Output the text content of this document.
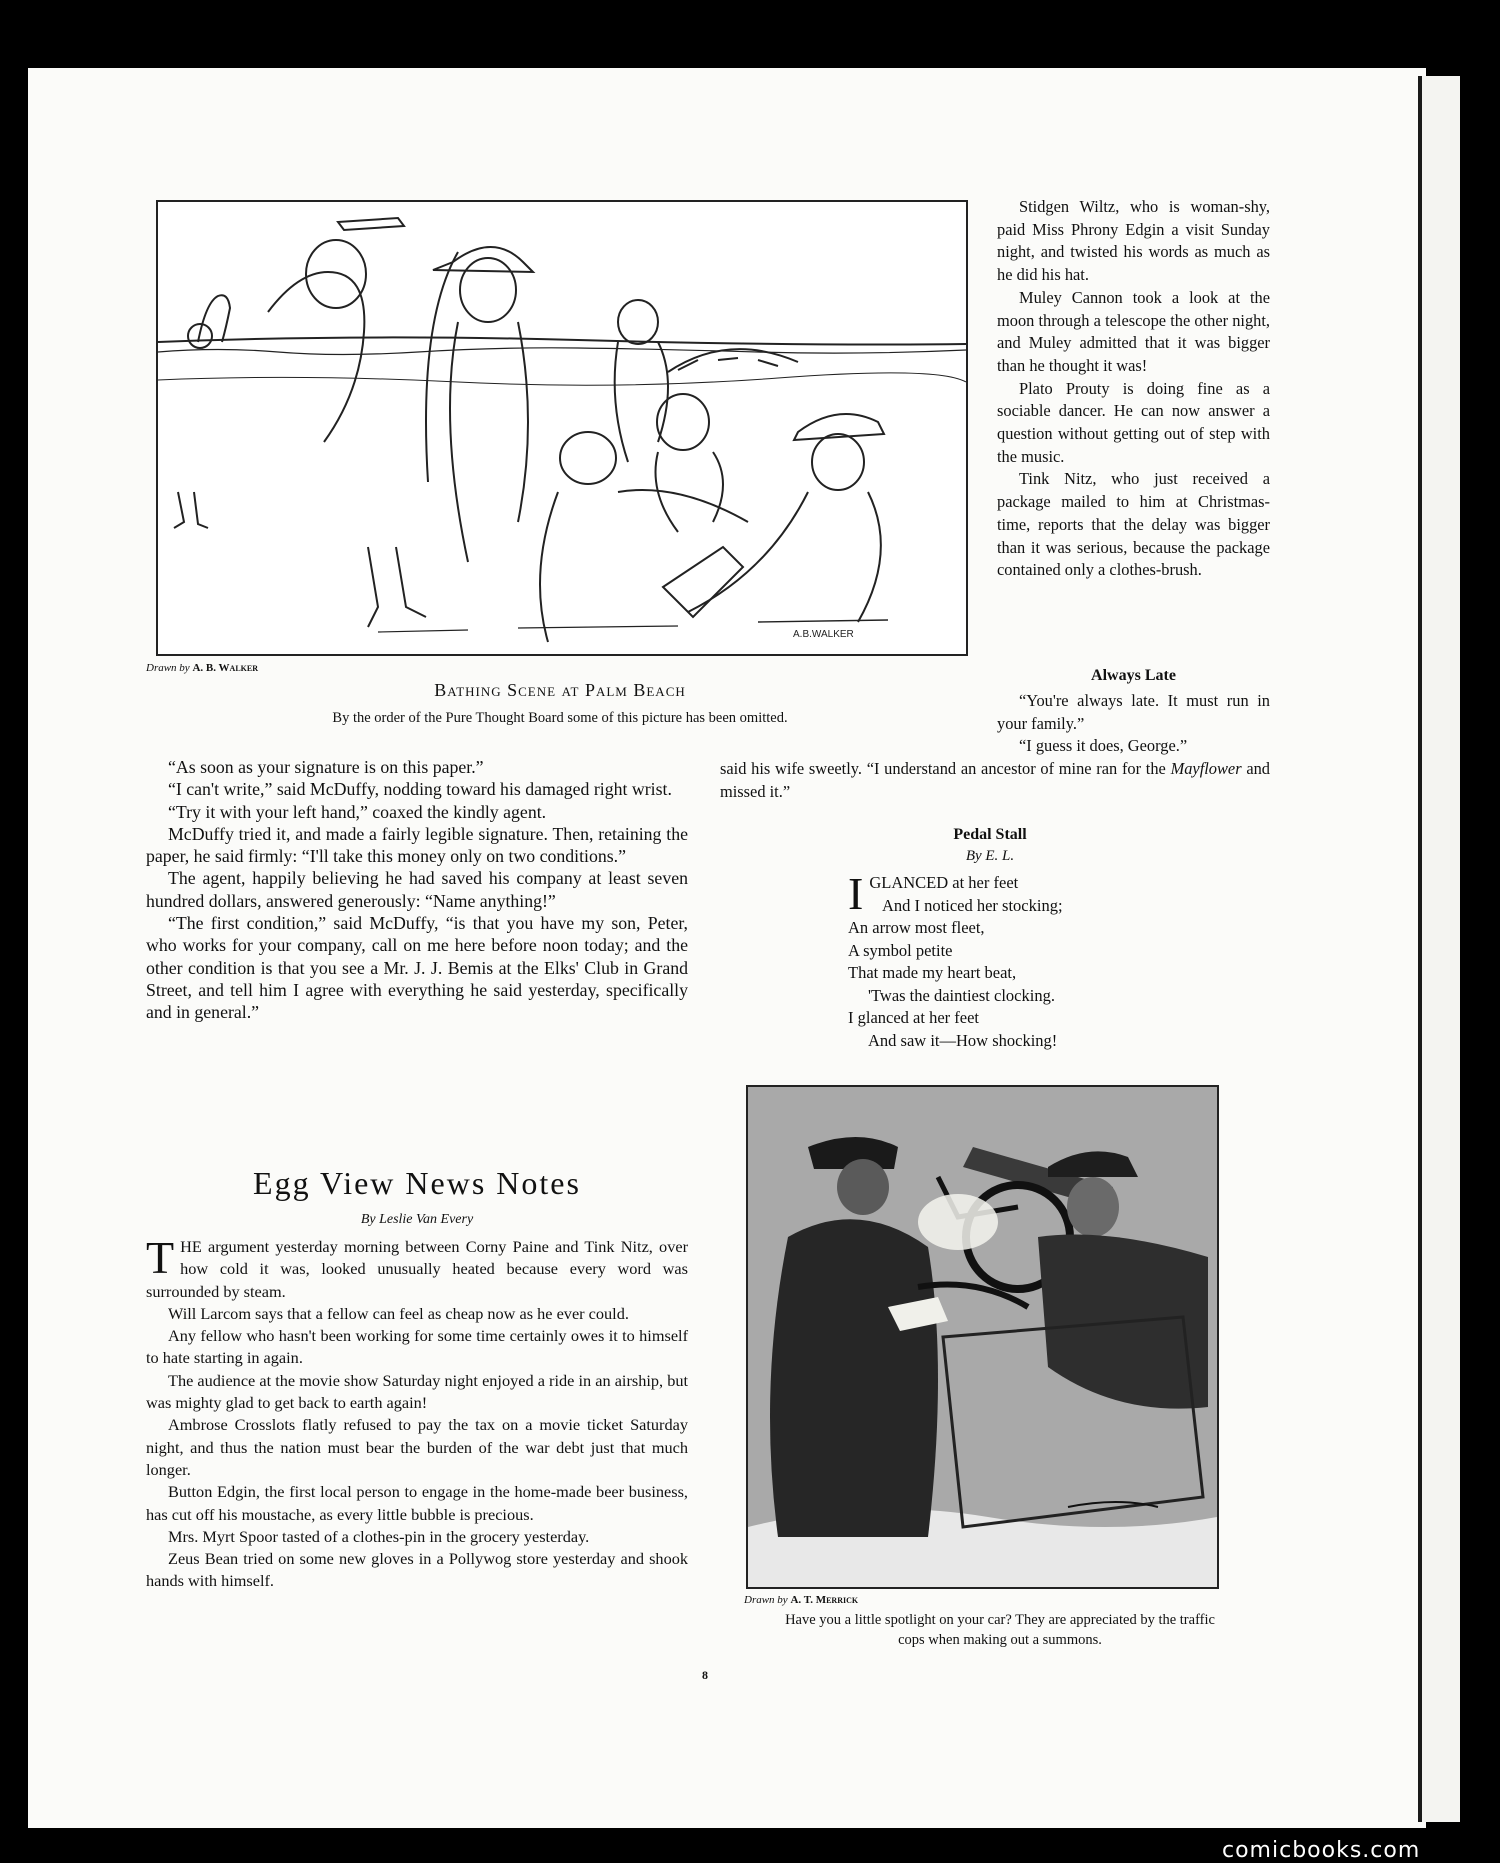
A.B.WALKER
Drawn by A. B. Walker
Bathing Scene at Palm Beach
By the order of the Pure Thought Board some of this picture has been omitted.

Stidgen Wiltz, who is woman-shy, paid Miss Phrony Edgin a visit Sunday night, and twisted his words as much as he did his hat.

Muley Cannon took a look at the moon through a telescope the other night, and Muley admitted that it was bigger than he thought it was!

Plato Prouty is doing fine as a sociable dancer. He can now answer a question without getting out of step with the music.

Tink Nitz, who just received a package mailed to him at Christmas-time, reports that the delay was bigger than it was serious, because the package contained only a clothes-brush.

Always Late

“You're always late. It must run in your family.”

“I guess it does, George.”

said his wife sweetly. “I understand an ancestor of mine ran for the Mayflower and missed it.”

“As soon as your signature is on this paper.”

“I can't write,” said McDuffy, nodding toward his damaged right wrist.

“Try it with your left hand,” coaxed the kindly agent.

McDuffy tried it, and made a fairly legible signature. Then, retaining the paper, he said firmly: “I'll take this money only on two conditions.”

The agent, happily believing he had saved his company at least seven hundred dollars, answered generously: “Name anything!”

“The first condition,” said McDuffy, “is that you have my son, Peter, who works for your company, call on me here before noon today; and the other condition is that you see a Mr. J. J. Bemis at the Elks' Club in Grand Street, and tell him I agree with everything he said yesterday, specifically and in general.”

Pedal Stall
By E. L.
IGLANCED at her feet
And I noticed her stocking;
An arrow most fleet,
A symbol petite
That made my heart beat,
'Twas the daintiest clocking.
I glanced at her feet
And saw it—How shocking!
Egg View News Notes
By Leslie Van Every

THE argument yesterday morning between Corny Paine and Tink Nitz, over how cold it was, looked unusually heated because every word was surrounded by steam.

Will Larcom says that a fellow can feel as cheap now as he ever could.

Any fellow who hasn't been working for some time certainly owes it to himself to hate starting in again.

The audience at the movie show Saturday night enjoyed a ride in an airship, but was mighty glad to get back to earth again!

Ambrose Crosslots flatly refused to pay the tax on a movie ticket Saturday night, and thus the nation must bear the burden of the war debt just that much longer.

Button Edgin, the first local person to engage in the home-made beer business, has cut off his moustache, as every little bubble is precious.

Mrs. Myrt Spoor tasted of a clothes-pin in the grocery yesterday.

Zeus Bean tried on some new gloves in a Pollywog store yesterday and shook hands with himself.

Drawn by A. T. Merrick
Have you a little spotlight on your car? They are appreciated by the traffic cops when making out a summons.
8
comicbooks.com
